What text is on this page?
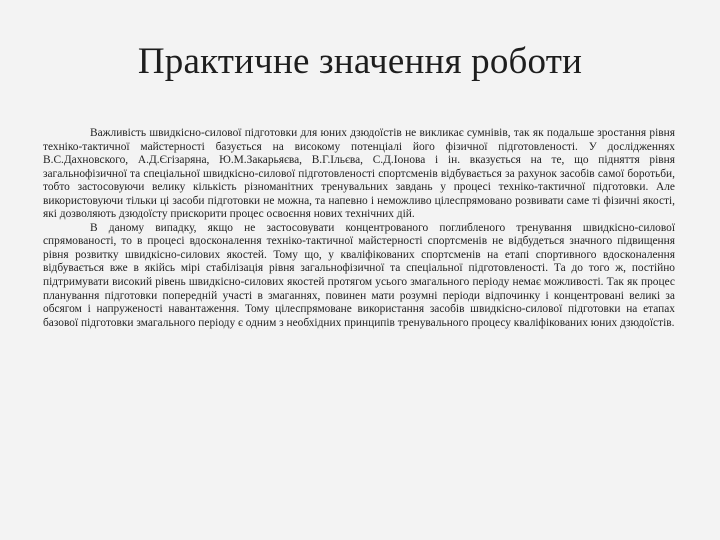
Практичне значення роботи

Важливість швидкісно-силової підготовки для юних дзюдоїстів не викликає сумнівів, так як подальше зростання рівня техніко-тактичної майстерності базується на високому потенціалі його фізичної підготовленості. У дослідженнях В.С.Дахновского, А.Д.Єгізаряна, Ю.М.Закарьяєва, В.Г.Ільєва, С.Д.Іонова і ін. вказується на те, що підняття рівня загальнофізичної та спеціальної швидкісно-силової підготовленості спортсменів відбувається за рахунок засобів самої боротьби, тобто застосовуючи велику кількість різноманітних тренувальних завдань у процесі техніко-тактичної підготовки. Але використовуючи тільки ці засоби підготовки не можна, та напевно і неможливо цілеспрямовано розвивати саме ті фізичні якості, які дозволяють дзюдоїсту прискорити процес освоєння нових технічних дій.

В даному випадку, якщо не застосовувати концентрованого поглибленого тренування швидкісно-силової спрямованості, то в процесі вдосконалення техніко-тактичної майстерності спортсменів не відбудеться значного підвищення рівня розвитку швидкісно-силових якостей. Тому що, у кваліфікованих спортсменів на етапі спортивного вдосконалення відбувається вже в якійсь мірі стабілізація рівня загальнофізичної та спеціальної підготовленості. Та до того ж, постійно підтримувати високий рівень швидкісно-силових якостей протягом усього змагального періоду немає можливості. Так як процес планування підготовки попередній участі в змаганнях, повинен мати розумні періоди відпочинку і концентровані великі за обсягом і напруженості навантаження. Тому цілеспрямоване використання засобів швидкісно-силової підготовки на етапах базової підготовки змагального періоду є одним з необхідних принципів тренувального процесу кваліфікованих юних дзюдоїстів.
